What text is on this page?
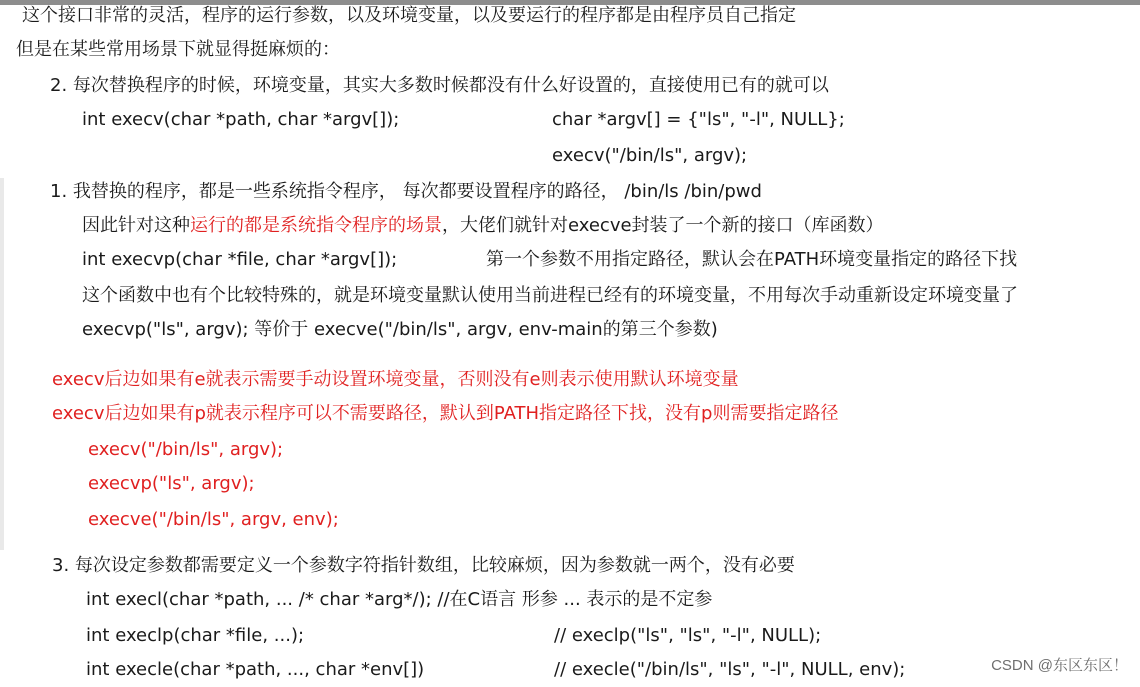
这个接口非常的灵活，程序的运行参数，以及环境变量，以及要运行的程序都是由程序员自己指定
但是在某些常用场景下就显得挺麻烦的：
2. 每次替换程序的时候，环境变量，其实大多数时候都没有什么好设置的，直接使用已有的就可以
int execv(char *path, char *argv[]);	char *argv[] = {"ls", "-l", NULL};
execv("/bin/ls", argv);
1. 我替换的程序，都是一些系统指令程序， 每次都要设置程序的路径， /bin/ls /bin/pwd
因此针对这种运行的都是系统指令程序的场景，大佬们就针对execve封装了一个新的接口（库函数）
int execvp(char *file, char *argv[]);	第一个参数不用指定路径，默认会在PATH环境变量指定的路径下找
这个函数中也有个比较特殊的，就是环境变量默认使用当前进程已经有的环境变量，不用每次手动重新设定环境变量了
execvp("ls", argv); 等价于 execve("/bin/ls", argv, env-main的第三个参数)
execv后边如果有e就表示需要手动设置环境变量，否则没有e则表示使用默认环境变量
execv后边如果有p就表示程序可以不需要路径，默认到PATH指定路径下找，没有p则需要指定路径
execv("/bin/ls", argv);
execvp("ls", argv);
execve("/bin/ls", argv, env);
3. 每次设定参数都需要定义一个参数字符指针数组，比较麻烦，因为参数就一两个，没有必要
int execl(char *path, ... /* char *arg*/); //在C语言 形参 ... 表示的是不定参
int execlp(char *file, ...);	// execlp("ls", "ls", "-l", NULL);
int execle(char *path, ..., char *env[])	// execle("/bin/ls", "ls", "-l", NULL, env);	CSDN @东区东区！
